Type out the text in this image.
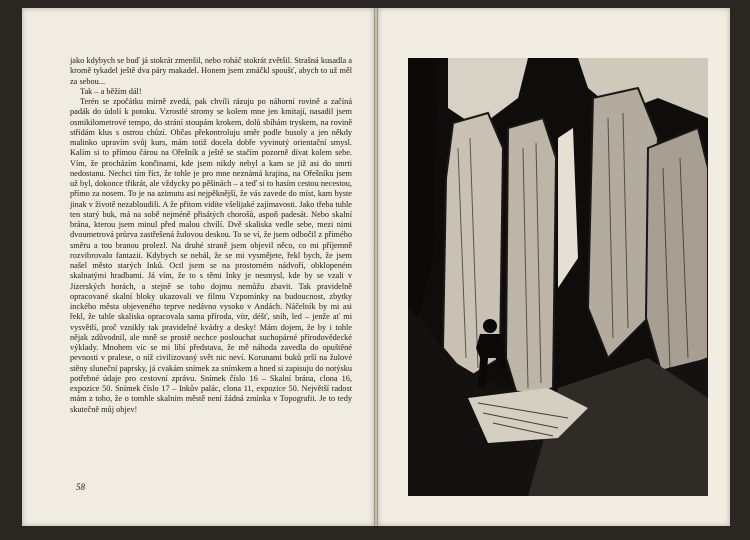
jako kdybych se buď já stokrát zmenšil, nebo roháč stokrát zvětšil. Strašná kusadla a kromě tykadel ještě dva páry makadel. Honem jsem zmáčkl spoušť, abych to už měl za sebou...

Tak – a běžím dál!

Terén se zpočátku mírně zvedá, pak chvíli rázuju po náhorní rovině a začíná padák do údolí k potoku. Vzrostlé stromy se kolem mne jen kmitají, nasadil jsem osmikilometrové tempo, do strání stoupám krokem, dolů sbíhám tryskem, na rovině střídám klus s ostrou chůzí. Občas překontroluju směr podle busoly a jen někdy malinko upravím svůj kurs, mám totiž docela dobře vyvinutý orientační smysl. Kalím si to přímou čárou na Ořešník a ještě se stačím pozorně dívat kolem sebe. Vím, že procházím končinami, kde jsem nikdy nebyl a kam se již asi do smrti nedostanu. Nechci tím říct, že tohle je pro mne neznámá krajina, na Ořešníku jsem už byl, dokonce třikrát, ale vždycky po pěšinách – a teď si to hasím cestou necestou, přímo za nosem. To je na azimutu asi nejpěknější, že vás zavede do míst, kam byste jinak v životě nezabloudili. A že přitom vidíte všelijaké zajímavosti. Jako třeba tuhle ten starý buk, má na sobě nejméně přisátých chorošů, aspoň padesát. Nebo skalní brána, kterou jsem minul před malou chvílí. Dvě skaliska vedle sebe, mezi nimi dvoumetrová průrva zastřešená žulovou deskou. To se ví, že jsem odbočil z přímého směru a tou branou prolezl. Na druhé straně jsem objevil něco, co mi příjemně rozvibrovalo fantazii. Kdybych se nebál, že se mi vysmějete, řekl bych, že jsem našel město starých Inků. Octl jsem se na prostorném nádvoří, obklopeném skalnatými hradbami. Já vím, že to s těmi Inky je nesmysl, kde by se vzali v Jizerských horách, a stejně se toho dojmu nemůžu zbavit. Tak pravidelně opracované skalní bloky ukazovali ve filmu Vzpomínky na budoucnost, zbytky inckého města objeveného teprve nedávno vysoko v Andách. Náčelník by mi asi řekl, že tahle skaliska opracovala sama příroda, vítr, déšť, sníh, led – jenže ať mi vysvětlí, proč vznikly tak pravidelné kvádry a desky! Mám dojem, že by i tohle nějak zdůvodnil, ale mně se prostě nechce poslouchat suchopárné přírodovědecké výklady. Mnohem víc se mi líbí představa, že mě náhoda zavedla do opuštěné pevnosti v pralese, o níž civilizovaný svět nic neví. Korunami buků prší na žulové stěny sluneční paprsky, já cvakám snímek za snímkem a hned si zapisuju do notýsku potřebné údaje pro cestovní zprávu. Snímek číslo 16 – Skalní brána, clona 16, expozice 50. Snímek číslo 17 – Inkův palác, clona 11, expozice 50. Největší radost mám z toho, že o tomhle skalním městě není žádná zmínka v Topografii. Je to tedy skutečně můj objev!

58
